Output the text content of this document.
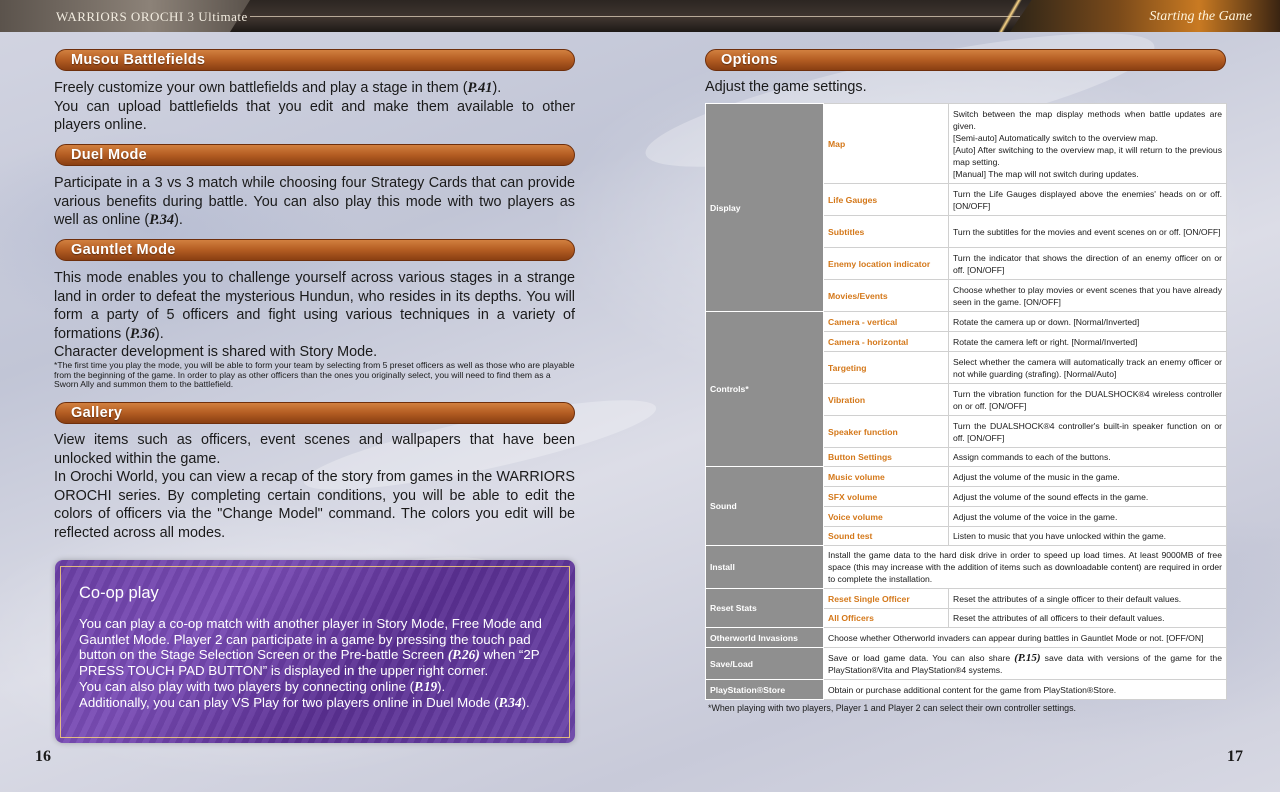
WARRIORS OROCHI 3 Ultimate	Starting the Game
Musou Battlefields
Freely customize your own battlefields and play a stage in them (P.41).
You can upload battlefields that you edit and make them available to other players online.
Duel Mode
Participate in a 3 vs 3 match while choosing four Strategy Cards that can provide various benefits during battle. You can also play this mode with two players as well as online (P.34).
Gauntlet Mode
This mode enables you to challenge yourself across various stages in a strange land in order to defeat the mysterious Hundun, who resides in its depths. You will form a party of 5 officers and fight using various techniques in a variety of formations (P.36).
Character development is shared with Story Mode.
*The first time you play the mode, you will be able to form your team by selecting from 5 preset officers as well as those who are playable from the beginning of the game. In order to play as other officers than the ones you originally select, you will need to find them as a Sworn Ally and summon them to the battlefield.
Gallery
View items such as officers, event scenes and wallpapers that have been unlocked within the game.
In Orochi World, you can view a recap of the story from games in the WARRIORS OROCHI series. By completing certain conditions, you will be able to edit the colors of officers via the "Change Model" command. The colors you edit will be reflected across all modes.
Co-op play
You can play a co-op match with another player in Story Mode, Free Mode and Gauntlet Mode. Player 2 can participate in a game by pressing the touch pad button on the Stage Selection Screen or the Pre-battle Screen (P.26) when “2P PRESS TOUCH PAD BUTTON” is displayed in the upper right corner.
You can also play with two players by connecting online (P.19).
Additionally, you can play VS Play for two players online in Duel Mode (P.34).
16
Options
Adjust the game settings.
Display	Map	Switch between the map display methods when battle updates are given.
[Semi-auto] Automatically switch to the overview map.
[Auto] After switching to the overview map, it will return to the previous map setting.
[Manual] The map will not switch during updates.
	Life Gauges	Turn the Life Gauges displayed above the enemies' heads on or off. [ON/OFF]
	Subtitles	Turn the subtitles for the movies and event scenes on or off. [ON/OFF]
	Enemy location indicator	Turn the indicator that shows the direction of an enemy officer on or off. [ON/OFF]
	Movies/Events	Choose whether to play movies or event scenes that you have already seen in the game. [ON/OFF]
Controls*	Camera - vertical	Rotate the camera up or down. [Normal/Inverted]
	Camera - horizontal	Rotate the camera left or right. [Normal/Inverted]
	Targeting	Select whether the camera will automatically track an enemy officer or not while guarding (strafing). [Normal/Auto]
	Vibration	Turn the vibration function for the DUALSHOCK®4 wireless controller on or off. [ON/OFF]
	Speaker function	Turn the DUALSHOCK®4 controller's built-in speaker function on or off. [ON/OFF]
	Button Settings	Assign commands to each of the buttons.
Sound	Music volume	Adjust the volume of the music in the game.
	SFX volume	Adjust the volume of the sound effects in the game.
	Voice volume	Adjust the volume of the voice in the game.
	Sound test	Listen to music that you have unlocked within the game.
Install	Install the game data to the hard disk drive in order to speed up load times. At least 9000MB of free space (this may increase with the addition of items such as downloadable content) are required in order to complete the installation.	
Reset Stats	Reset Single Officer	Reset the attributes of a single officer to their default values.
	All Officers	Reset the attributes of all officers to their default values.
Otherworld Invasions	Choose whether Otherworld invaders can appear during battles in Gauntlet Mode or not. [OFF/ON]	
Save/Load	Save or load game data. You can also share (P.15) save data with versions of the game for the PlayStation®Vita and PlayStation®4 systems.	
PlayStation®Store	Obtain or purchase additional content for the game from PlayStation®Store.	
*When playing with two players, Player 1 and Player 2 can select their own controller settings.
17
